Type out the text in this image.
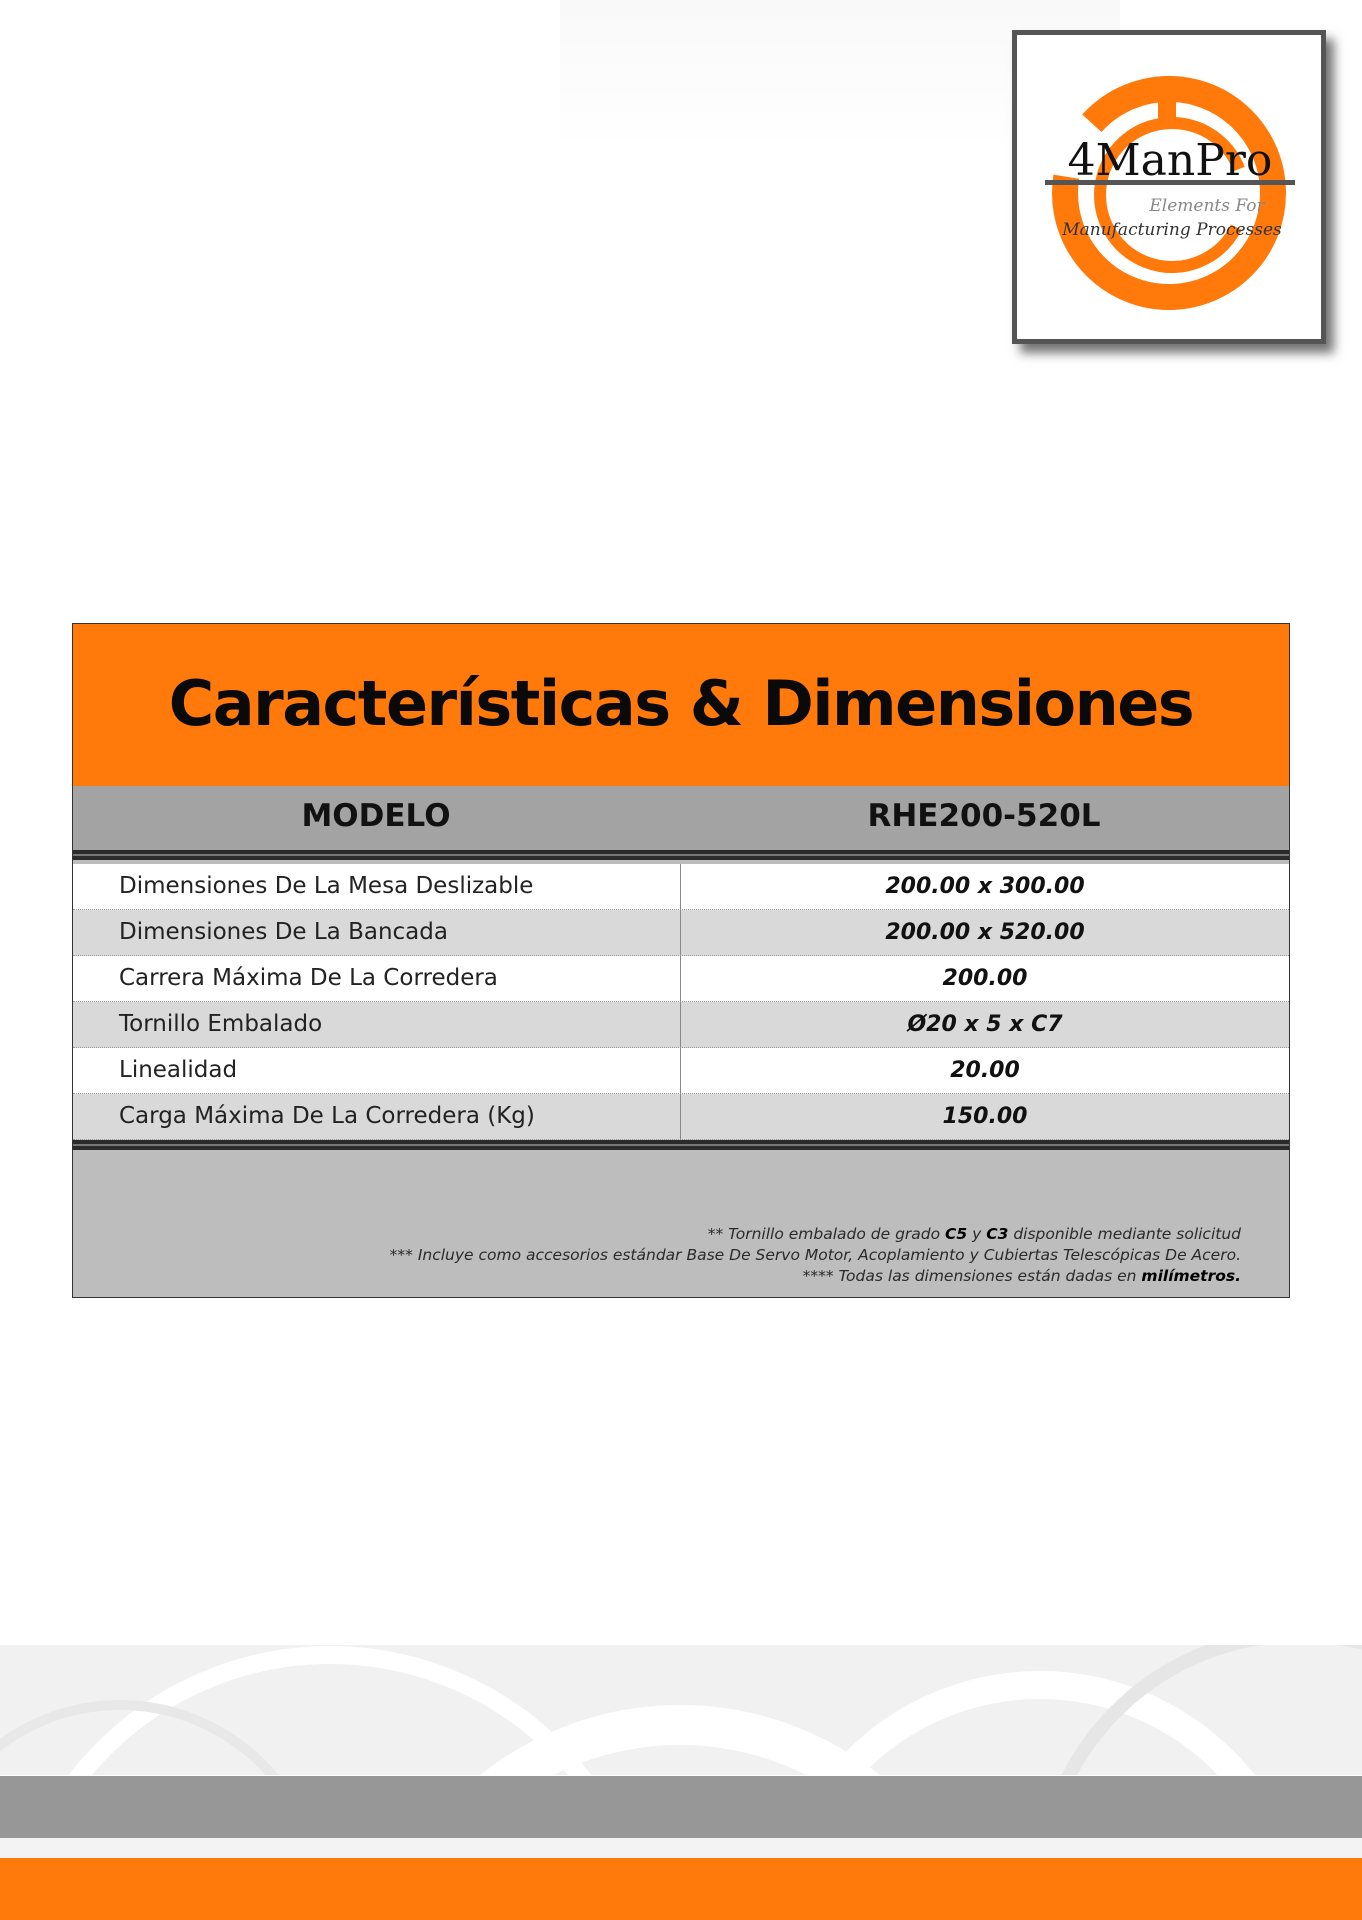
4ManPro
Elements For
Manufacturing Processes
Características & Dimensiones
MODELO	RHE200-520L
Dimensiones De La Mesa Deslizable	200.00 x 300.00
Dimensiones De La Bancada	200.00 x 520.00
Carrera Máxima De La Corredera	200.00
Tornillo Embalado	Ø20 x 5 x C7
Linealidad	20.00
Carga Máxima De La Corredera (Kg)	150.00
** Tornillo embalado de grado C5 y C3 disponible mediante solicitud
*** Incluye como accesorios estándar Base De Servo Motor, Acoplamiento y Cubiertas Telescópicas De Acero.
**** Todas las dimensiones están dadas en milímetros.
